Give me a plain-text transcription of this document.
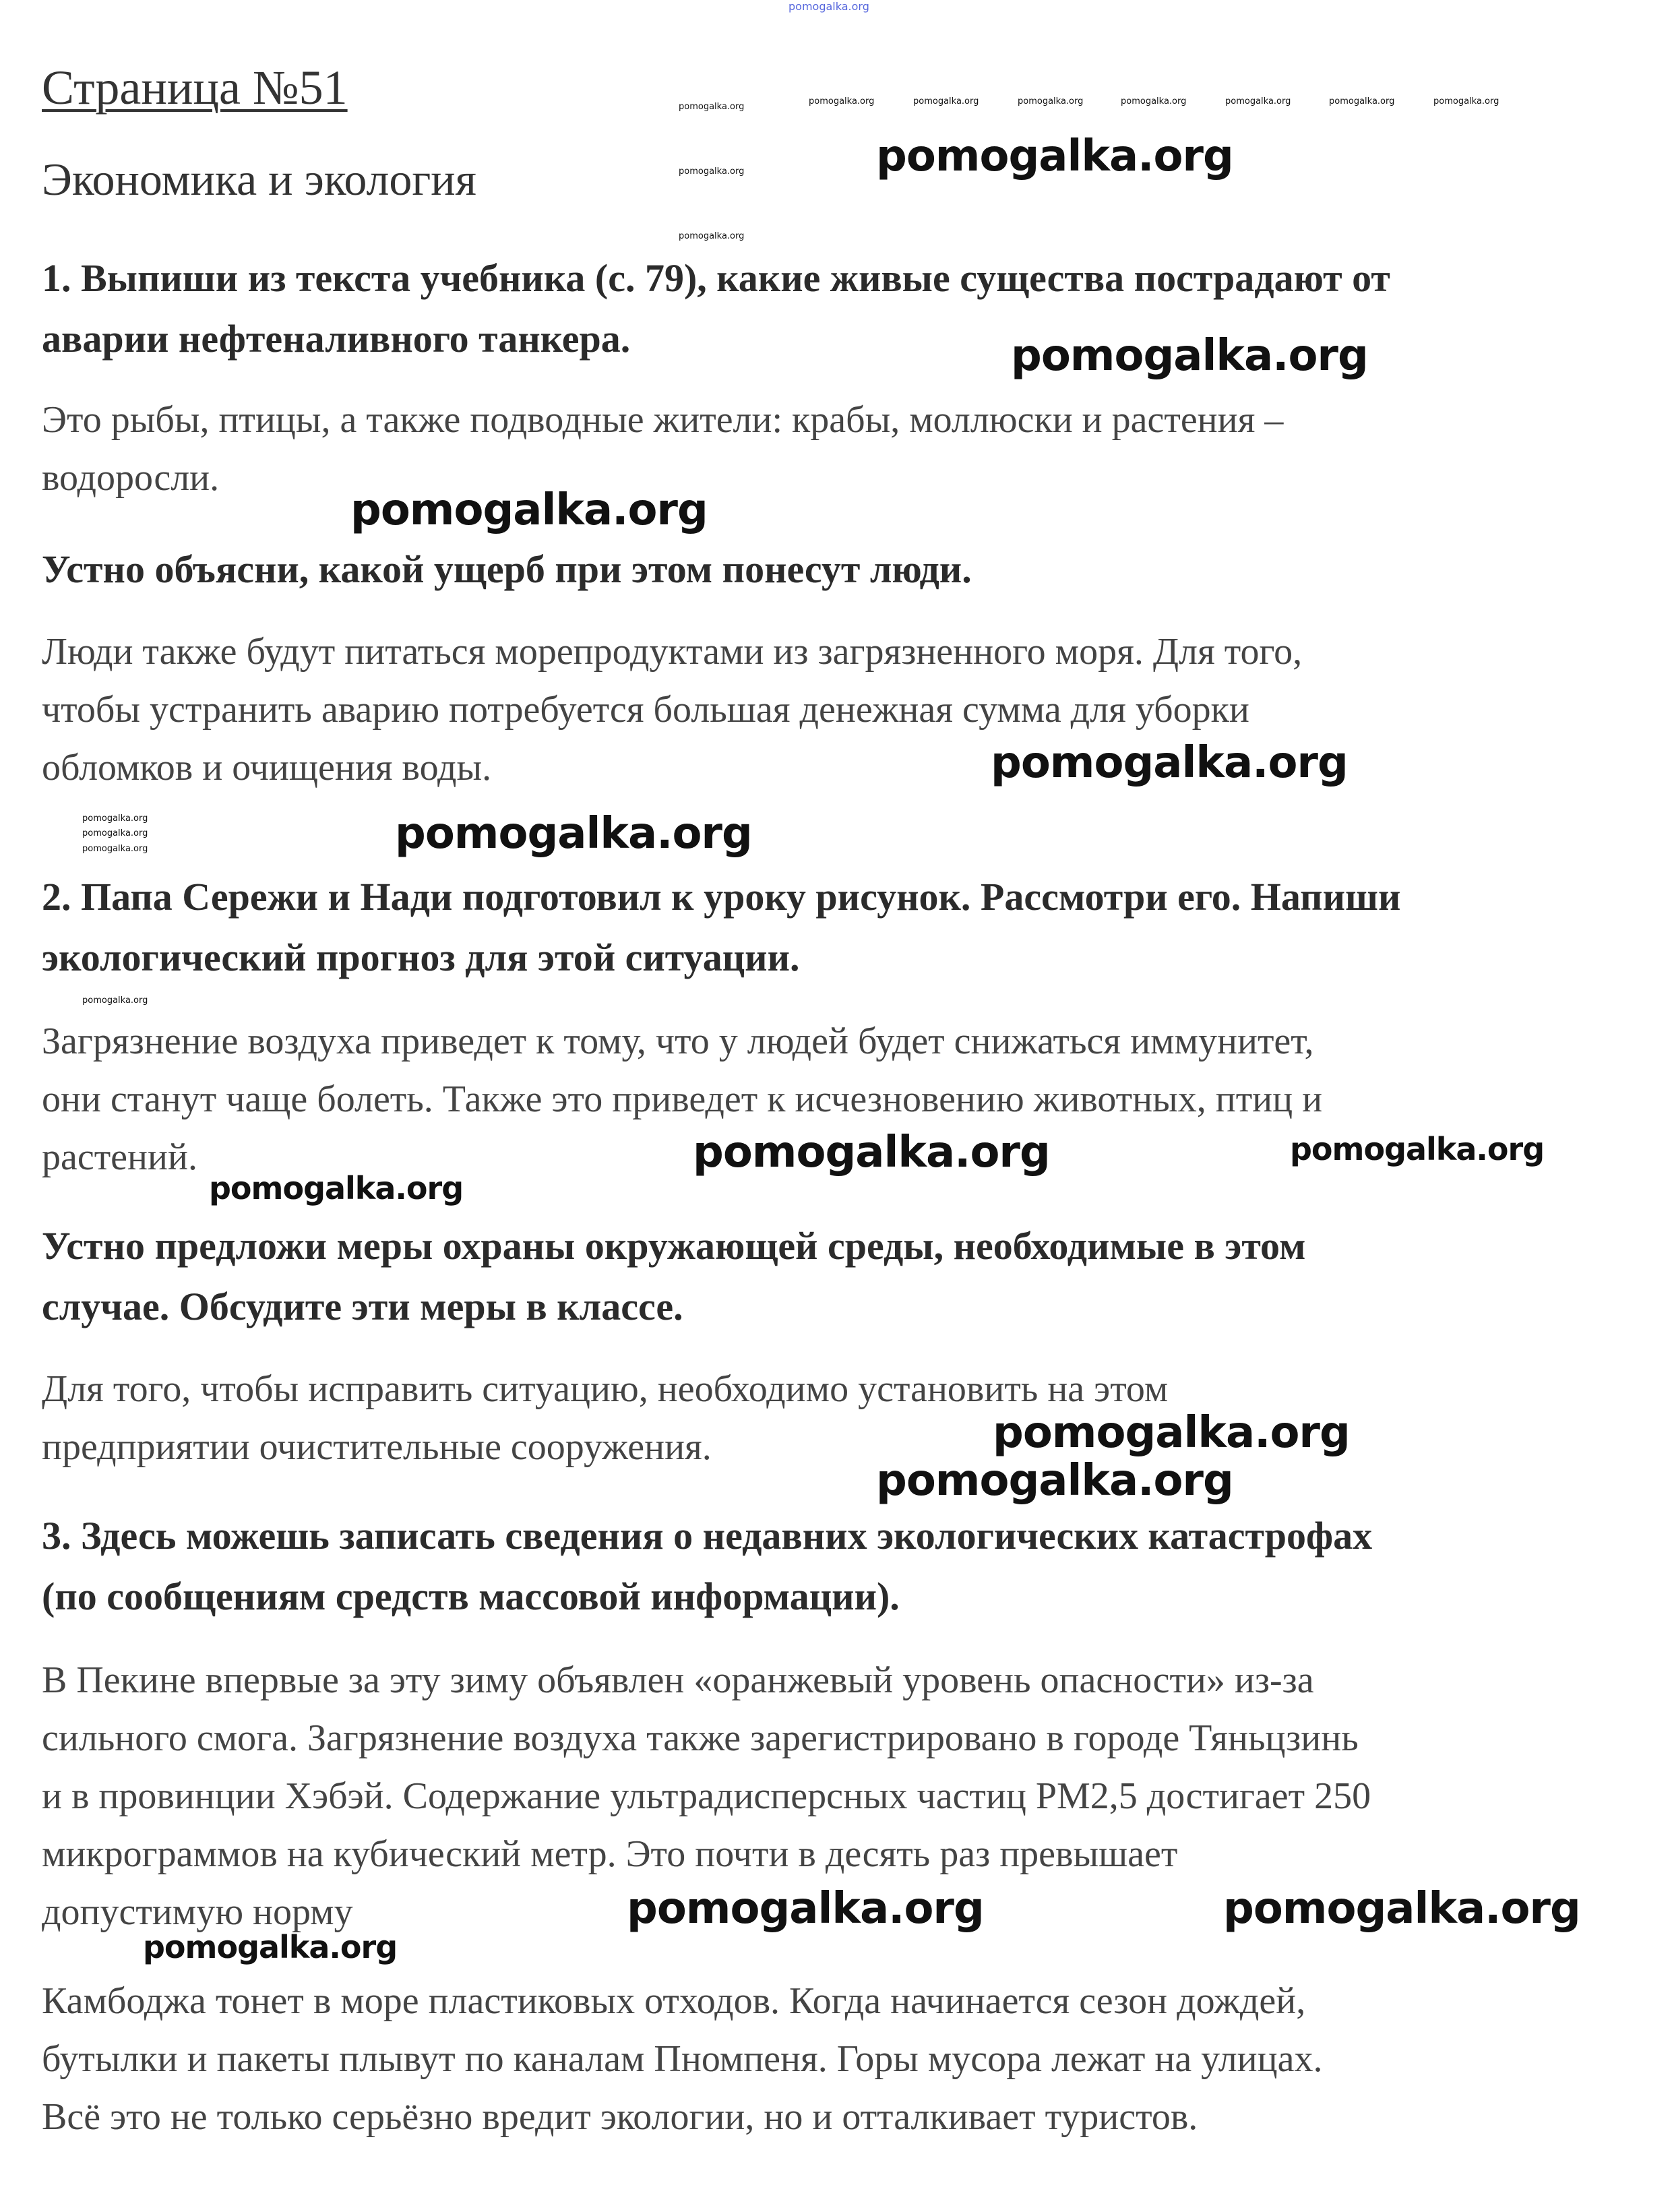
pomogalka.org
Страница №51
Экономика и экология
1. Выпиши из текста учебника (с. 79), какие живые существа пострадают от
аварии нефтеналивного танкера.
Это рыбы, птицы, а также подводные жители: крабы, моллюски и растения –
водоросли.
Устно объясни, какой ущерб при этом понесут люди.
Люди также будут питаться морепродуктами из загрязненного моря. Для того,
чтобы устранить аварию потребуется большая денежная сумма для уборки
обломков и очищения воды.
2. Папа Сережи и Нади подготовил к уроку рисунок. Рассмотри его. Напиши
экологический прогноз для этой ситуации.
Загрязнение воздуха приведет к тому, что у людей будет снижаться иммунитет,
они станут чаще болеть. Также это приведет к исчезновению животных, птиц и
растений.
Устно предложи меры охраны окружающей среды, необходимые в этом
случае. Обсудите эти меры в классе.
Для того, чтобы исправить ситуацию, необходимо установить на этом
предприятии очистительные сооружения.
3. Здесь можешь записать сведения о недавних экологических катастрофах
(по сообщениям средств массовой информации).
В Пекине впервые за эту зиму объявлен «оранжевый уровень опасности» из-за
сильного смога. Загрязнение воздуха также зарегистрировано в городе Тяньцзинь
и в провинции Хэбэй. Содержание ультрадисперсных частиц PM2,5 достигает 250
микрограммов на кубический метр. Это почти в десять раз превышает
допустимую норму
Камбоджа тонет в море пластиковых отходов. Когда начинается сезон дождей,
бутылки и пакеты плывут по каналам Пномпеня. Горы мусора лежат на улицах.
Всё это не только серьёзно вредит экологии, но и отталкивает туристов.
pomogalka.org
pomogalka.org
pomogalka.org
pomogalka.org
pomogalka.org
pomogalka.org	pomogalka.org
pomogalka.org
pomogalka.org
pomogalka.org
pomogalka.org	pomogalka.org
pomogalka.org
pomogalka.org
pomogalka.org
pomogalka.org
pomogalka.org	pomogalka.org	pomogalka.org	pomogalka.org	pomogalka.org	pomogalka.org	pomogalka.org
pomogalka.org
pomogalka.org
pomogalka.org
pomogalka.org
